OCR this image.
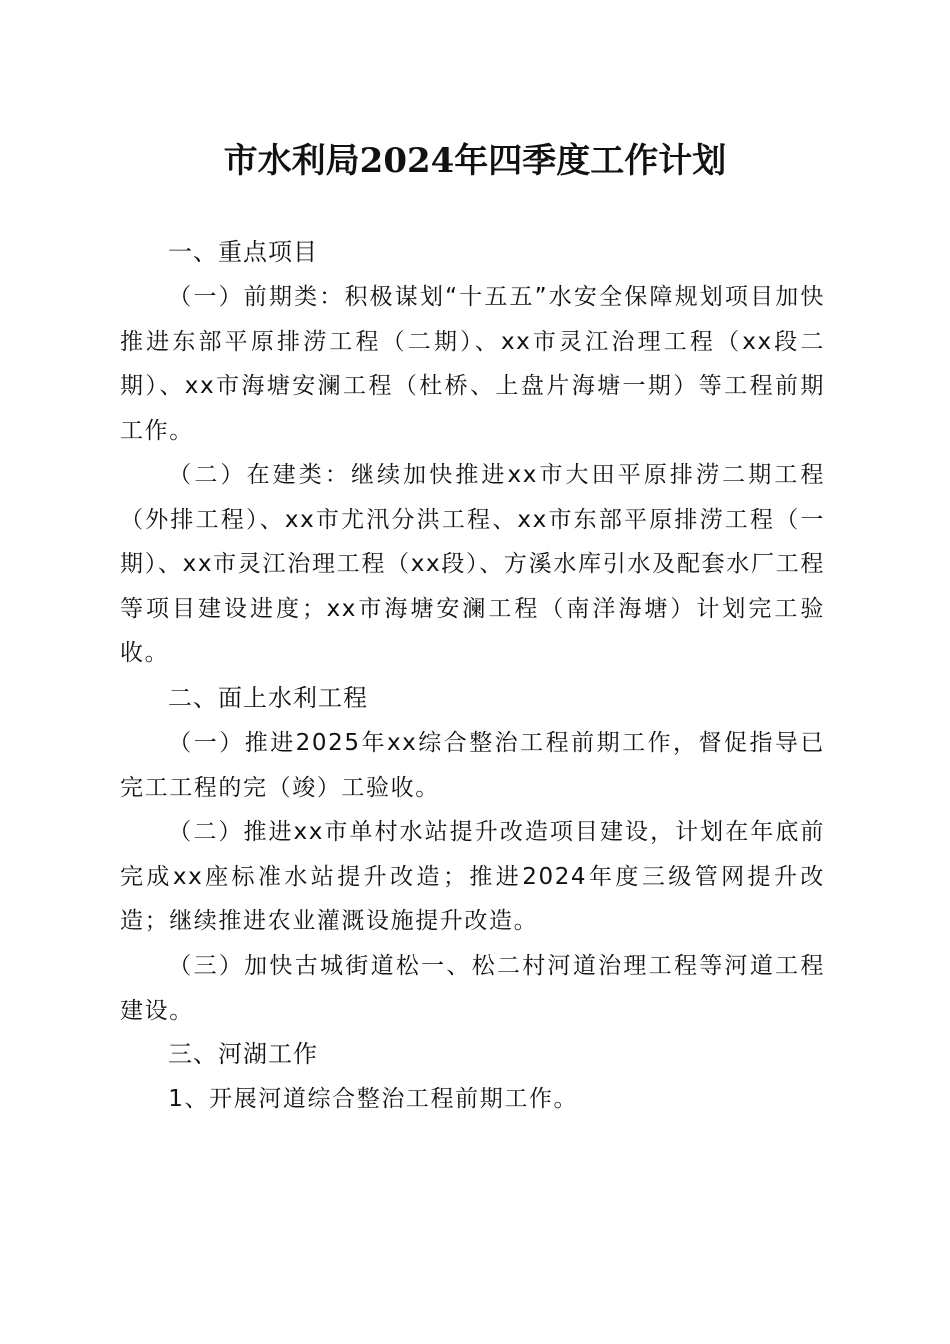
市水利局2024年四季度工作计划
一、重点项目
（一）前期类：积极谋划“十五五”水安全保障规划项目加快推进东部平原排涝工程（二期）、xx市灵江治理工程（xx段二期）、xx市海塘安澜工程（杜桥、上盘片海塘一期）等工程前期工作。
（二）在建类：继续加快推进xx市大田平原排涝二期工程（外排工程）、xx市尤汛分洪工程、xx市东部平原排涝工程（一期）、xx市灵江治理工程（xx段）、方溪水库引水及配套水厂工程等项目建设进度；xx市海塘安澜工程（南洋海塘）计划完工验收。
二、面上水利工程
（一）推进2025年xx综合整治工程前期工作，督促指导已完工工程的完（竣）工验收。
（二）推进xx市单村水站提升改造项目建设，计划在年底前完成xx座标准水站提升改造；推进2024年度三级管网提升改造；继续推进农业灌溉设施提升改造。
（三）加快古城街道松一、松二村河道治理工程等河道工程建设。
三、河湖工作
1、开展河道综合整治工程前期工作。
